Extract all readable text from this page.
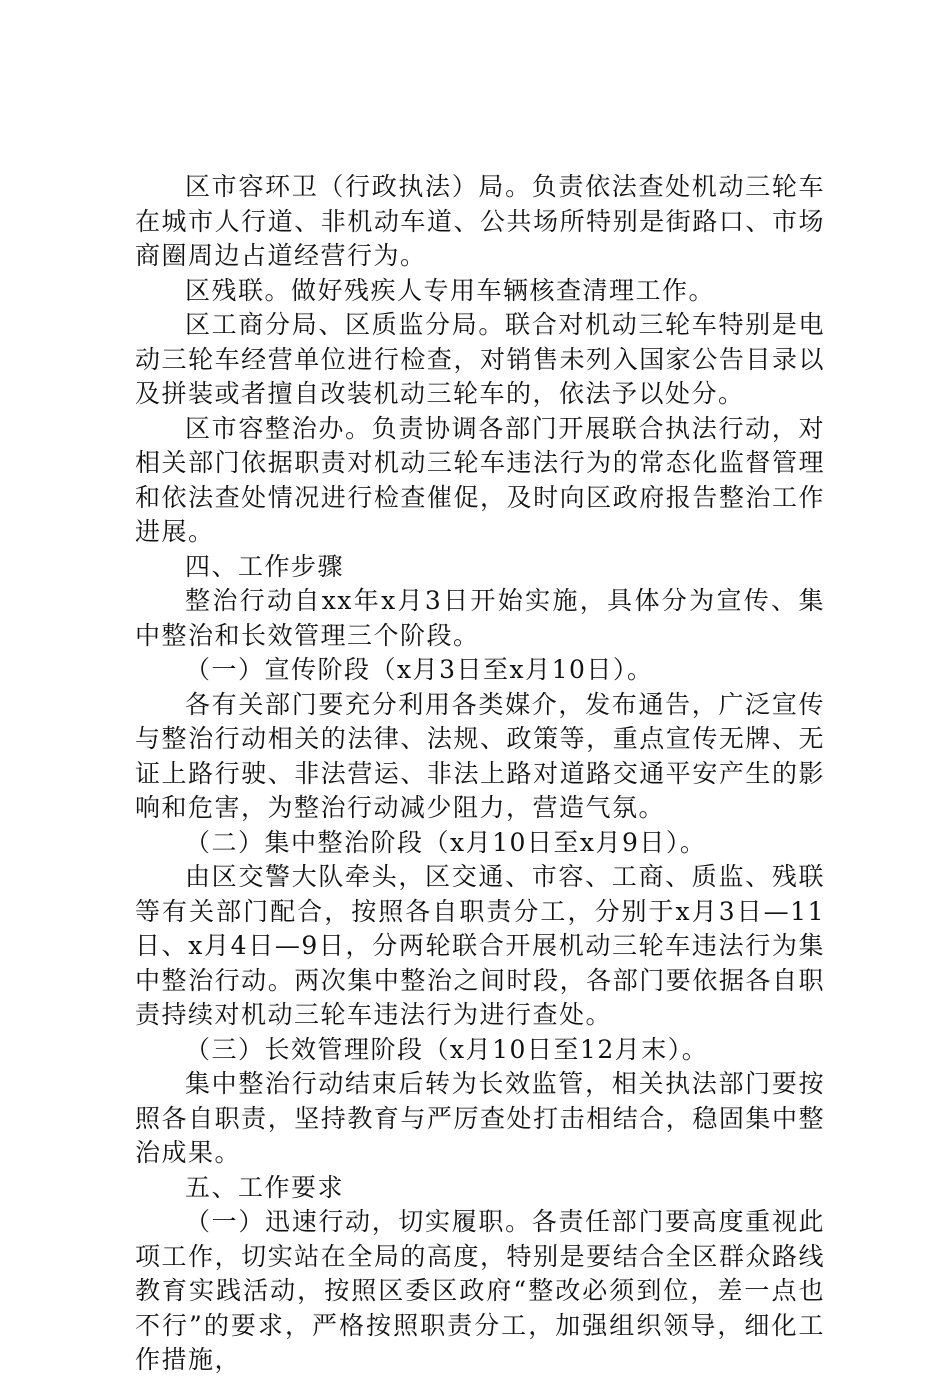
区市容环卫（行政执法）局。负责依法查处机动三轮车在城市人行道、非机动车道、公共场所特别是街路口、市场商圈周边占道经营行为。

区残联。做好残疾人专用车辆核查清理工作。

区工商分局、区质监分局。联合对机动三轮车特别是电动三轮车经营单位进行检查，对销售未列入国家公告目录以及拼装或者擅自改装机动三轮车的，依法予以处分。

区市容整治办。负责协调各部门开展联合执法行动，对相关部门依据职责对机动三轮车违法行为的常态化监督管理和依法查处情况进行检查催促，及时向区政府报告整治工作进展。

四、工作步骤

整治行动自xx年x月3日开始实施，具体分为宣传、集中整治和长效管理三个阶段。

（一）宣传阶段（x月3日至x月10日）。

各有关部门要充分利用各类媒介，发布通告，广泛宣传与整治行动相关的法律、法规、政策等，重点宣传无牌、无证上路行驶、非法营运、非法上路对道路交通平安产生的影响和危害，为整治行动减少阻力，营造气氛。

（二）集中整治阶段（x月10日至x月9日）。

由区交警大队牵头，区交通、市容、工商、质监、残联等有关部门配合，按照各自职责分工，分别于x月3日—11日、x月4日—9日，分两轮联合开展机动三轮车违法行为集中整治行动。两次集中整治之间时段，各部门要依据各自职责持续对机动三轮车违法行为进行查处。

（三）长效管理阶段（x月10日至12月末）。

集中整治行动结束后转为长效监管，相关执法部门要按照各自职责，坚持教育与严厉查处打击相结合，稳固集中整治成果。

五、工作要求

（一）迅速行动，切实履职。各责任部门要高度重视此项工作，切实站在全局的高度，特别是要结合全区群众路线教育实践活动，按照区委区政府“整改必须到位，差一点也不行”的要求，严格按照职责分工，加强组织领导，细化工作措施，
